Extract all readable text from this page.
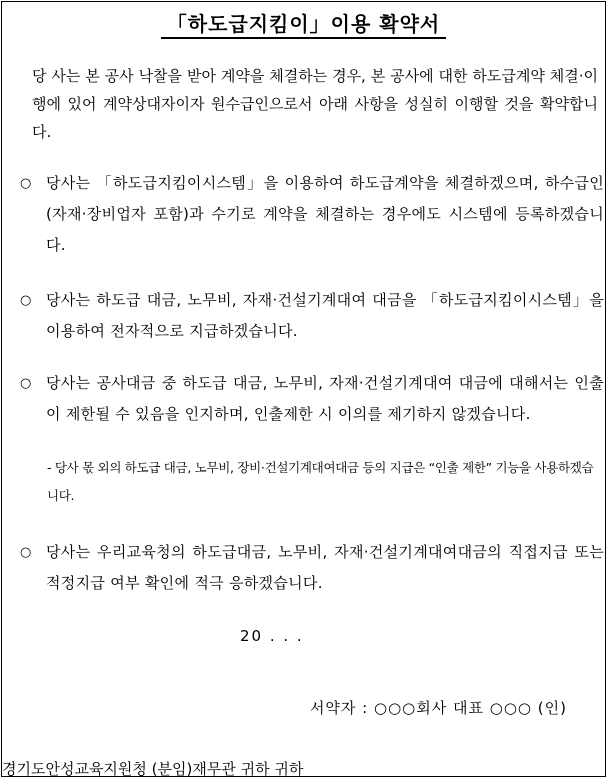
「하도급지킴이」이용 확약서
당 사는 본 공사 낙찰을 받아 계약을 체결하는 경우, 본 공사에 대한 하도급계약 체결·이행에 있어 계약상대자이자 원수급인으로서 아래 사항을 성실히 이행할 것을 확약합니다.
○ 당사는 「하도급지킴이시스템」을 이용하여 하도급계약을 체결하겠으며, 하수급인(자재·장비업자 포함)과 수기로 계약을 체결하는 경우에도 시스템에 등록하겠습니다.
○ 당사는 하도급 대금, 노무비, 자재·건설기계대여 대금을 「하도급지킴이시스템」을 이용하여 전자적으로 지급하겠습니다.
○ 당사는 공사대금 중 하도급 대금, 노무비, 자재·건설기계대여 대금에 대해서는 인출이 제한될 수 있음을 인지하며, 인출제한 시 이의를 제기하지 않겠습니다.
- 당사 몫 외의 하도급 대금, 노무비, 장비·건설기계대여대금 등의 지급은 “인출 제한” 기능을 사용하겠습니다.
○ 당사는 우리교육청의 하도급대금, 노무비, 자재·건설기계대여대금의 직접지급 또는 적정지급 여부 확인에 적극 응하겠습니다.
20 . . .
서약자 : ○○○회사 대표 ○○○ (인)
경기도안성교육지원청 (분임)재무관 귀하 귀하
